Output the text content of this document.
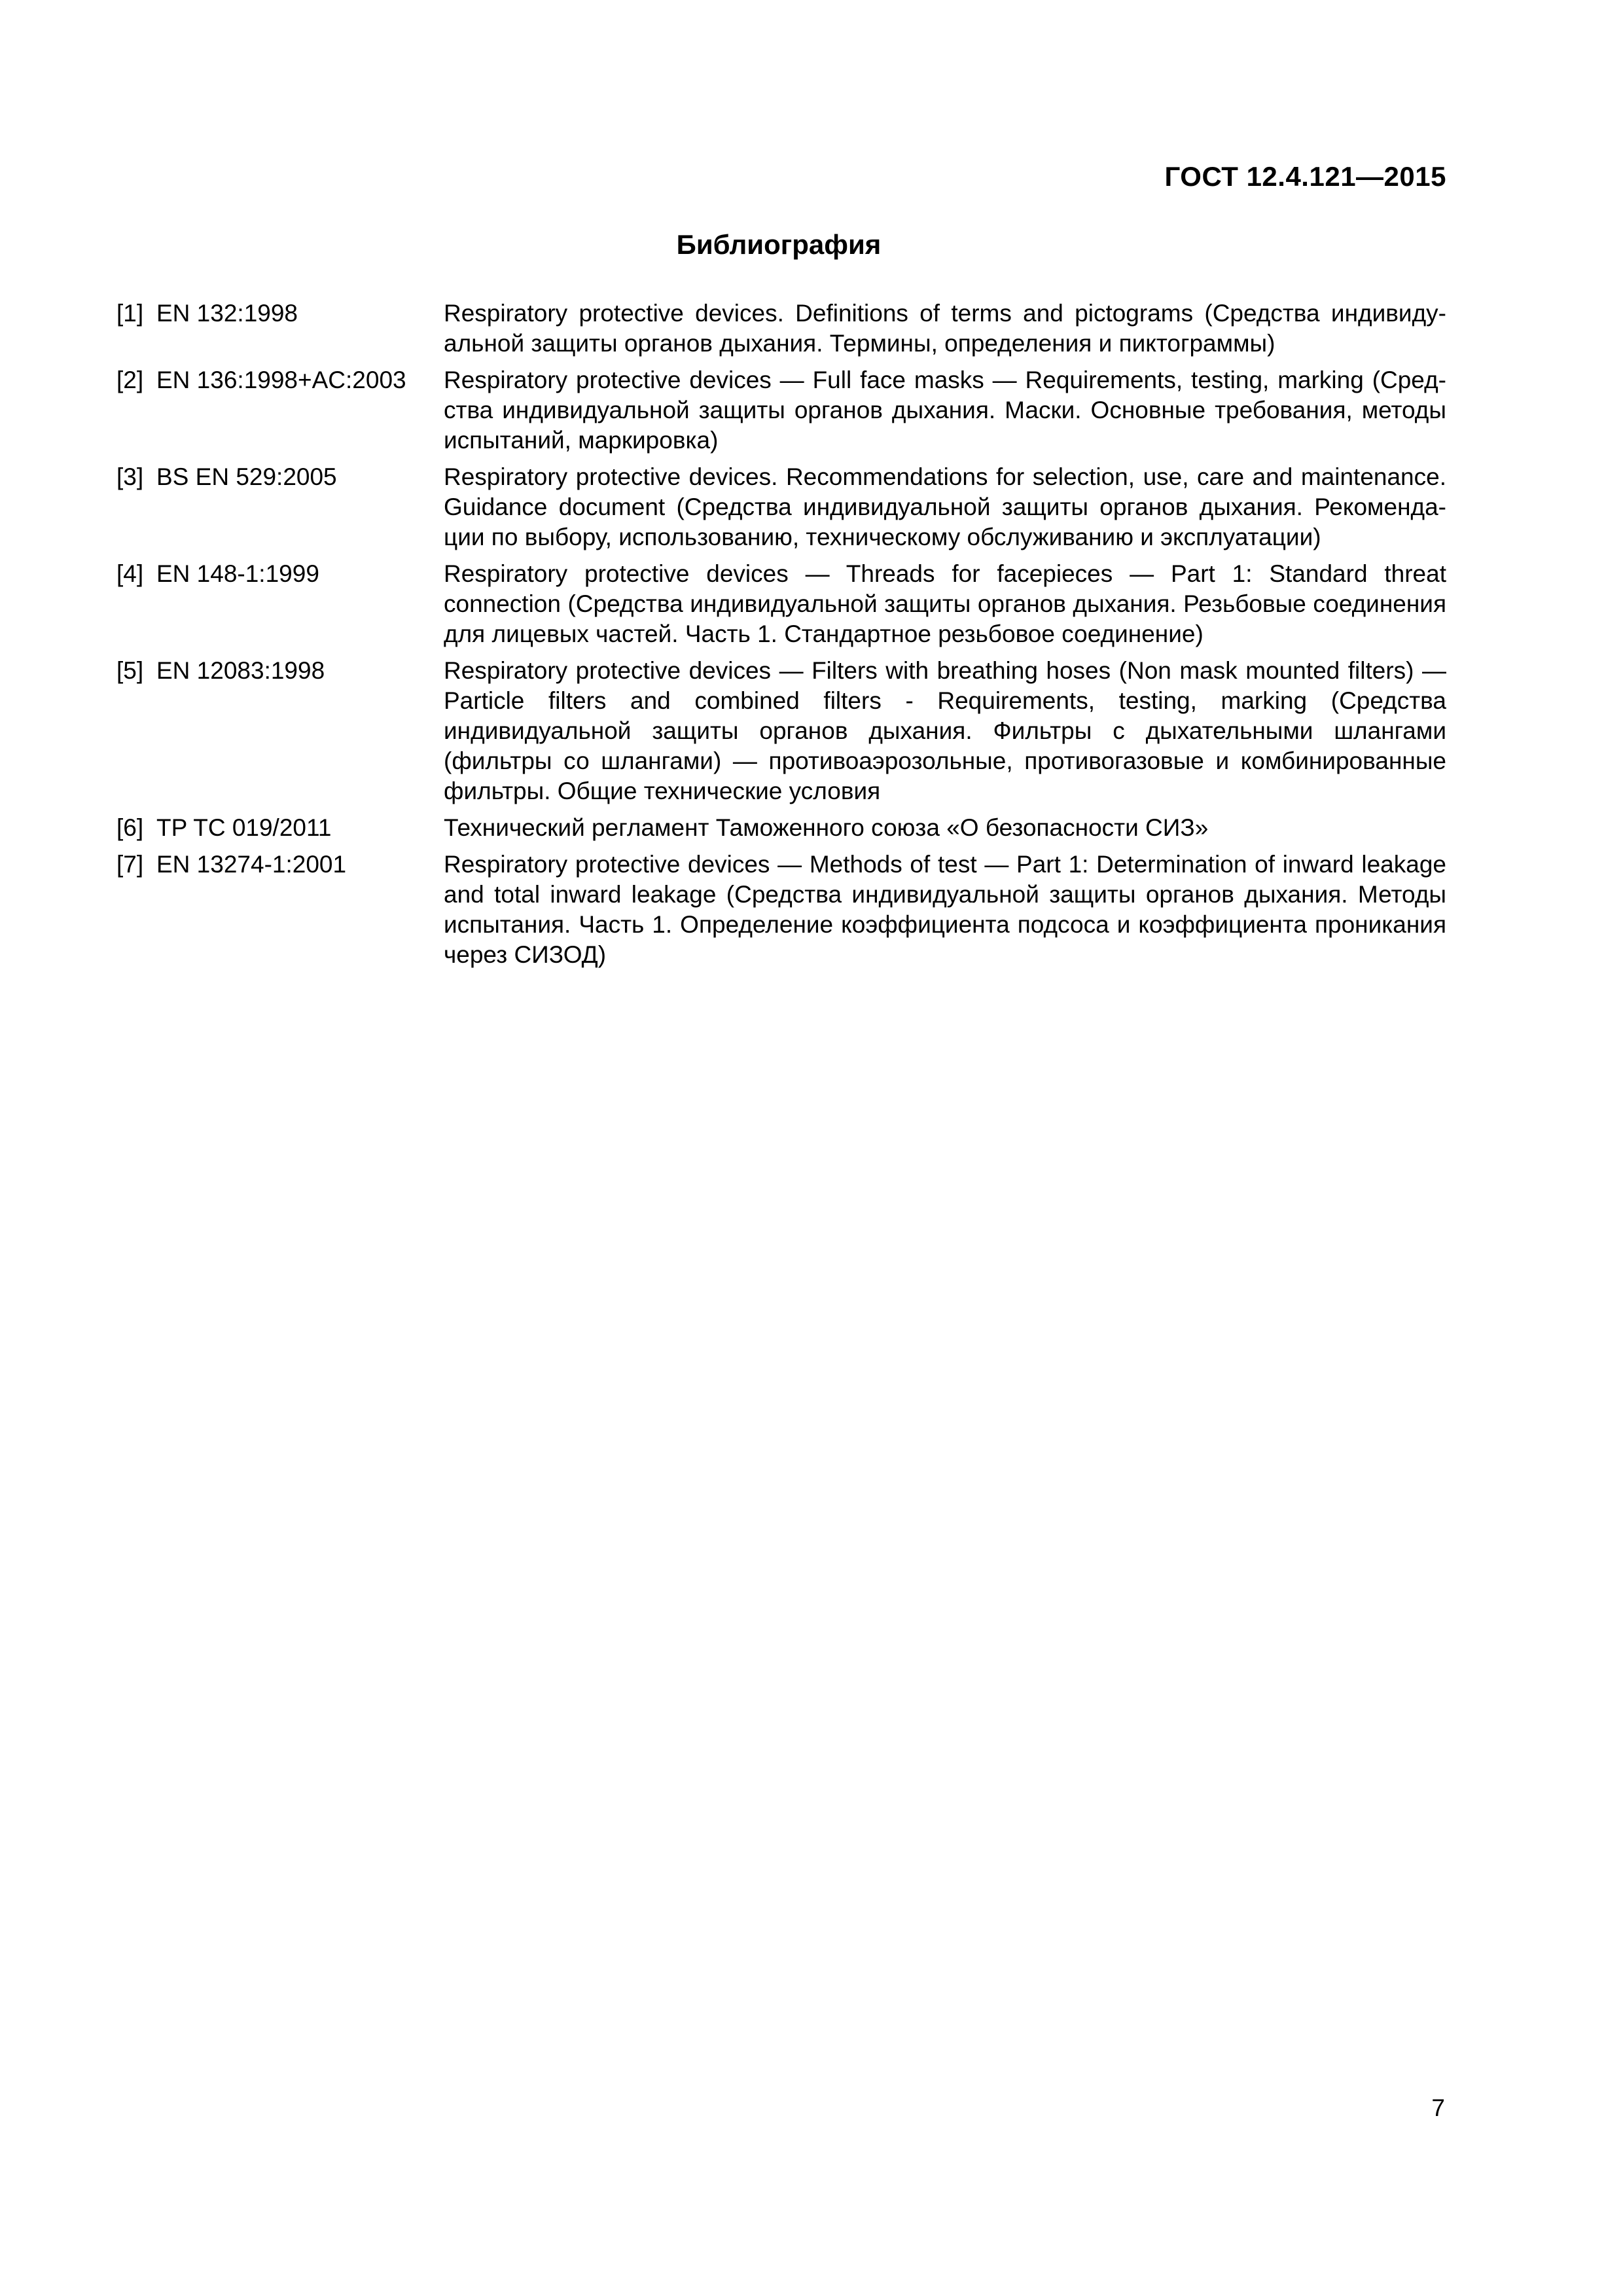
ГОСТ 12.4.121—2015
Библиография
[1] EN 132:1998	Respiratory protective devices. Definitions of terms and pictograms (Средства индивидуальной защиты органов дыхания. Термины, определения и пиктограммы)
[2] EN 136:1998+AC:2003	Respiratory protective devices — Full face masks — Requirements, testing, marking (Средства индивидуальной защиты органов дыхания. Маски. Основные требования, методы испытаний, маркировка)
[3] BS EN 529:2005	Respiratory protective devices. Recommendations for selection, use, care and maintenance. Guidance document (Средства индивидуальной защиты органов дыхания. Рекомендации по выбору, использованию, техническому обслуживанию и эксплуатации)
[4] EN 148-1:1999	Respiratory protective devices — Threads for facepieces — Part 1: Standard threat connection (Средства индивидуальной защиты органов дыхания. Резьбовые соединения для лицевых частей. Часть 1. Стандартное резьбовое соединение)
[5] EN 12083:1998	Respiratory protective devices — Filters with breathing hoses (Non mask mounted filters) — Particle filters and combined filters - Requirements, testing, marking (Средства индивидуальной защиты органов дыхания. Фильтры с дыхательными шлангами (фильтры со шлангами) — противоаэрозольные, противогазовые и комбинированные фильтры. Общие технические условия
[6] TP TC 019/2011	Технический регламент Таможенного союза «О безопасности СИЗ»
[7] EN 13274-1:2001	Respiratory protective devices — Methods of test — Part 1: Determination of inward leakage and total inward leakage (Средства индивидуальной защиты органов дыхания. Методы испытания. Часть 1. Определение коэффициента подсоса и коэффициента проникания через СИЗОД)
7
